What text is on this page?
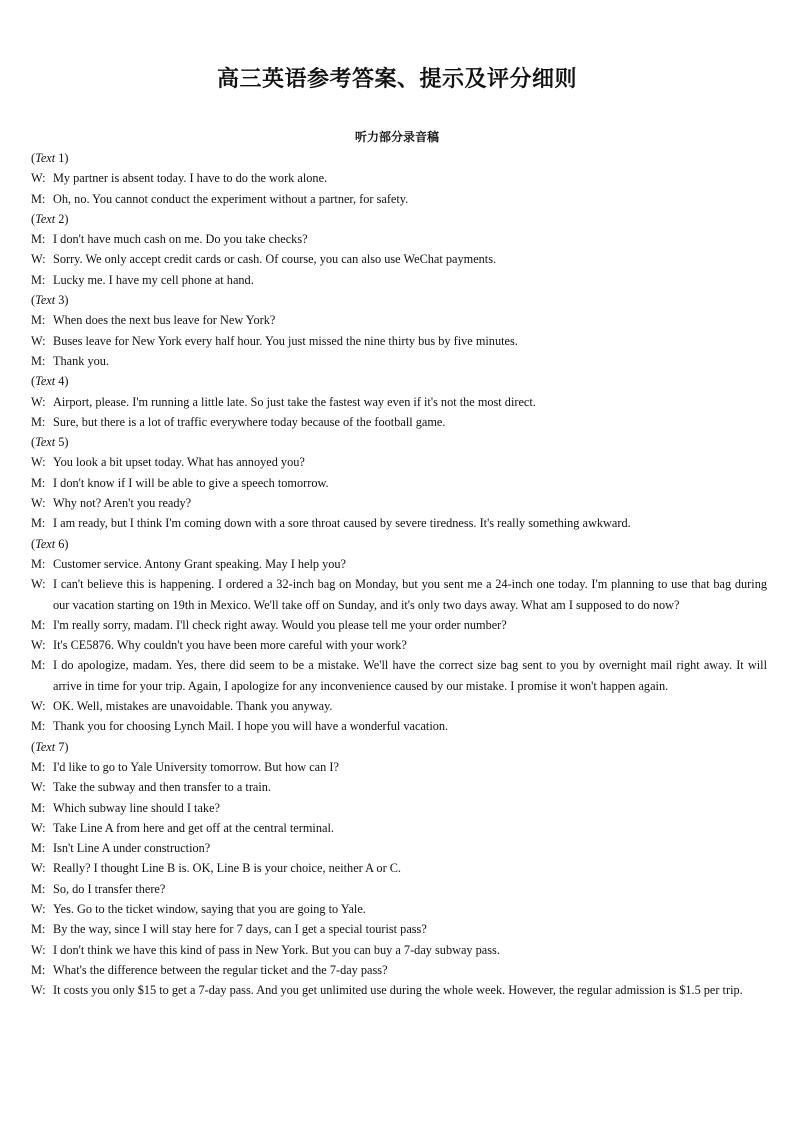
高三英语参考答案、提示及评分细则
听力部分录音稿

(Text 1)

W: My partner is absent today. I have to do the work alone.

M: Oh, no. You cannot conduct the experiment without a partner, for safety.

(Text 2)

M: I don't have much cash on me. Do you take checks?

W: Sorry. We only accept credit cards or cash. Of course, you can also use WeChat payments.

M: Lucky me. I have my cell phone at hand.

(Text 3)

M: When does the next bus leave for New York?

W: Buses leave for New York every half hour. You just missed the nine thirty bus by five minutes.

M: Thank you.

(Text 4)

W: Airport, please. I'm running a little late. So just take the fastest way even if it's not the most direct.

M: Sure, but there is a lot of traffic everywhere today because of the football game.

(Text 5)

W: You look a bit upset today. What has annoyed you?

M: I don't know if I will be able to give a speech tomorrow.

W: Why not? Aren't you ready?

M: I am ready, but I think I'm coming down with a sore throat caused by severe tiredness. It's really something awkward.

(Text 6)

M: Customer service. Antony Grant speaking. May I help you?

W: I can't believe this is happening. I ordered a 32-inch bag on Monday, but you sent me a 24-inch one today. I'm planning to use that bag during our vacation starting on 19th in Mexico. We'll take off on Sunday, and it's only two days away. What am I supposed to do now?

M: I'm really sorry, madam. I'll check right away. Would you please tell me your order number?

W: It's CE5876. Why couldn't you have been more careful with your work?

M: I do apologize, madam. Yes, there did seem to be a mistake. We'll have the correct size bag sent to you by overnight mail right away. It will arrive in time for your trip. Again, I apologize for any inconvenience caused by our mistake. I promise it won't happen again.

W: OK. Well, mistakes are unavoidable. Thank you anyway.

M: Thank you for choosing Lynch Mail. I hope you will have a wonderful vacation.

(Text 7)

M: I'd like to go to Yale University tomorrow. But how can I?

W: Take the subway and then transfer to a train.

M: Which subway line should I take?

W: Take Line A from here and get off at the central terminal.

M: Isn't Line A under construction?

W: Really? I thought Line B is. OK, Line B is your choice, neither A or C.

M: So, do I transfer there?

W: Yes. Go to the ticket window, saying that you are going to Yale.

M: By the way, since I will stay here for 7 days, can I get a special tourist pass?

W: I don't think we have this kind of pass in New York. But you can buy a 7-day subway pass.

M: What's the difference between the regular ticket and the 7-day pass?

W: It costs you only $15 to get a 7-day pass. And you get unlimited use during the whole week. However, the regular admission is $1.5 per trip.
